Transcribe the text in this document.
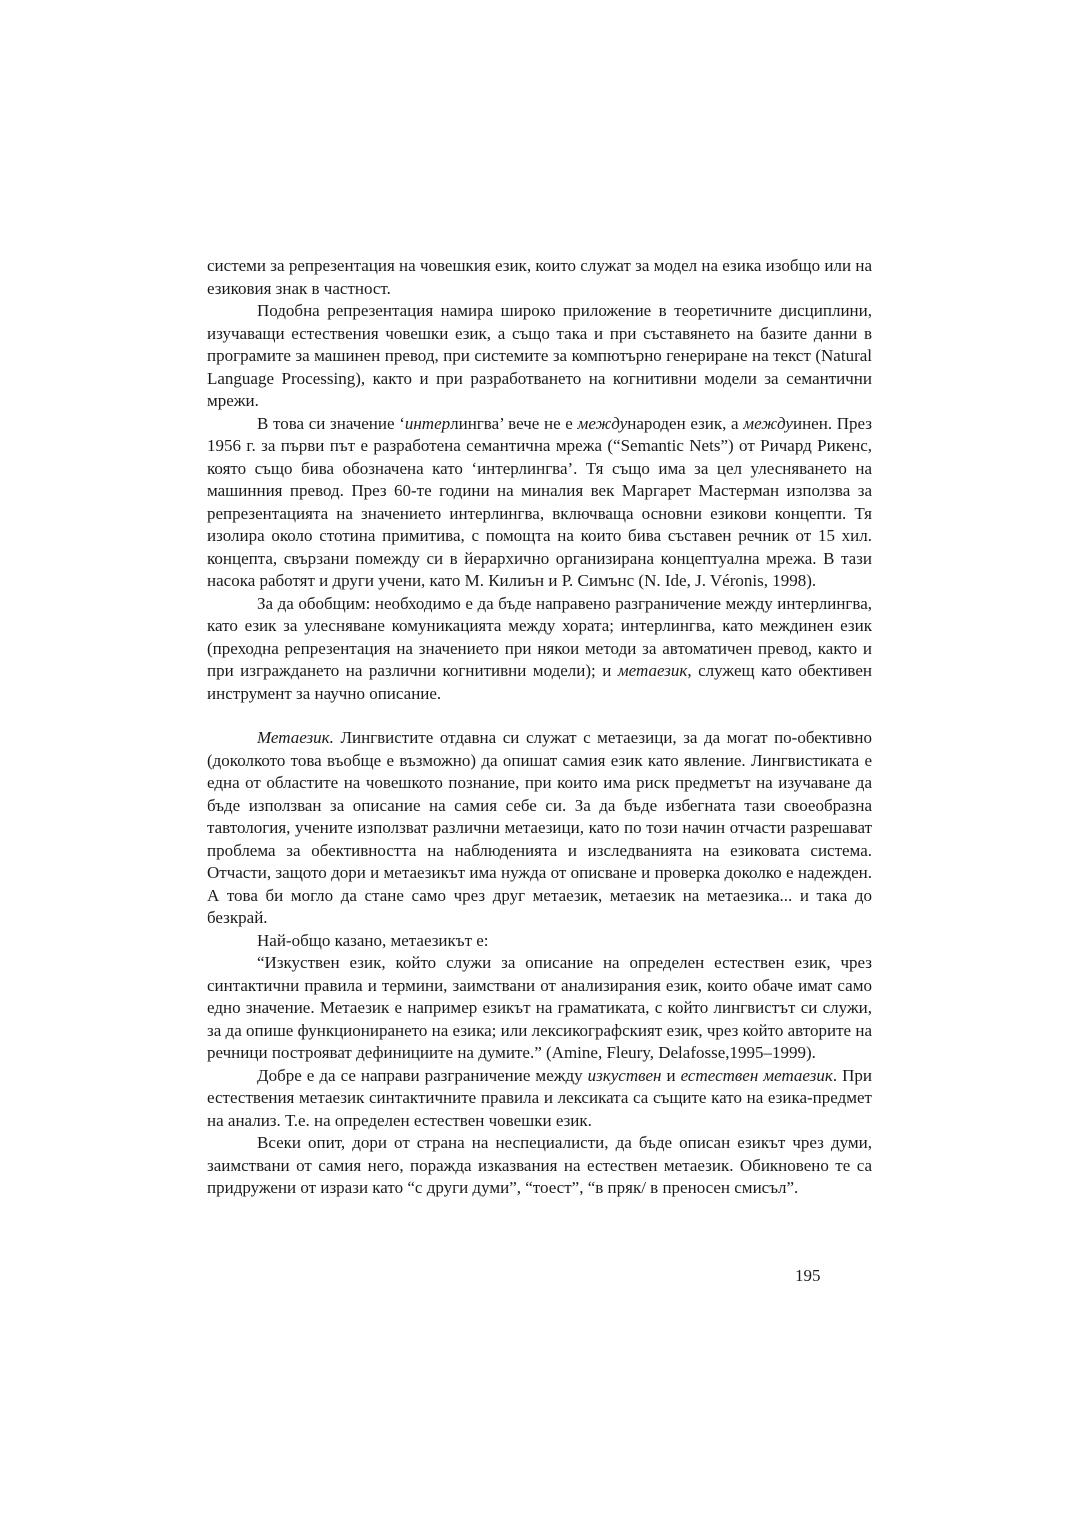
системи за репрезентация на човешкия език, които служат за модел на езика изобщо или на езиковия знак в частност.

Подобна репрезентация намира широко приложение в теоретичните дисциплини, изучаващи естествения човешки език, а също така и при съставянето на базите данни в програмите за машинен превод, при системите за компютърно генериране на текст (Natural Language Processing), както и при разработването на когнитивни модели за семантични мрежи.

В това си значение ‘интерлингва’ вече не е международен език, а междуинен. През 1956 г. за първи път е разработена семантична мрежа (“Semantic Nets”) от Ричард Рикенс, която също бива обозначена като ‘интерлингва’. Тя също има за цел улесняването на машинния превод. През 60-те години на миналия век Маргарет Мастерман използва за репрезентацията на значението интерлингва, включваща основни езикови концепти. Тя изолира около стотина примитива, с помощта на които бива съставен речник от 15 хил. концепта, свързани помежду си в йерархично организирана концептуална мрежа. В тази насока работят и други учени, като М. Килиън и Р. Симънс (N. Ide, J. Véronis, 1998).

За да обобщим: необходимо е да бъде направено разграничение между интерлингва, като език за улесняване комуникацията между хората; интерлингва, като междинен език (преходна репрезентация на значението при някои методи за автоматичен превод, както и при изграждането на различни когнитивни модели); и метаезик, служещ като обективен инструмент за научно описание.

Метаезик. Лингвистите отдавна си служат с метаезици, за да могат по-обективно (доколкото това въобще е възможно) да опишат самия език като явление. Лингвистиката е една от областите на човешкото познание, при които има риск предметът на изучаване да бъде използван за описание на самия себе си. За да бъде избегната тази своеобразна тавтология, учените използват различни метаезици, като по този начин отчасти разрешават проблема за обективността на наблюденията и изследванията на езиковата система. Отчасти, защото дори и метаезикът има нужда от описване и проверка доколко е надежден. А това би могло да стане само чрез друг метаезик, метаезик на метаезика... и така до безкрай.

Най-общо казано, метаезикът е:

“Изкуствен език, който служи за описание на определен естествен език, чрез синтактични правила и термини, заимствани от анализирания език, които обаче имат само едно значение. Метаезик е например езикът на граматиката, с който лингвистът си служи, за да опише функционирането на езика; или лексикографският език, чрез който авторите на речници построяват дефинициите на думите.” (Amine, Fleury, Delafosse,1995–1999).

Добре е да се направи разграничение между изкуствен и естествен метаезик. При естествения метаезик синтактичните правила и лексиката са същите като на езика-предмет на анализ. Т.е. на определен естествен човешки език.

Всеки опит, дори от страна на неспециалисти, да бъде описан езикът чрез думи, заимствани от самия него, поражда изказвания на естествен метаезик. Обикновено те са придружени от изрази като “с други думи”, “тоест”, “в пряк/ в преносен смисъл”.

195
